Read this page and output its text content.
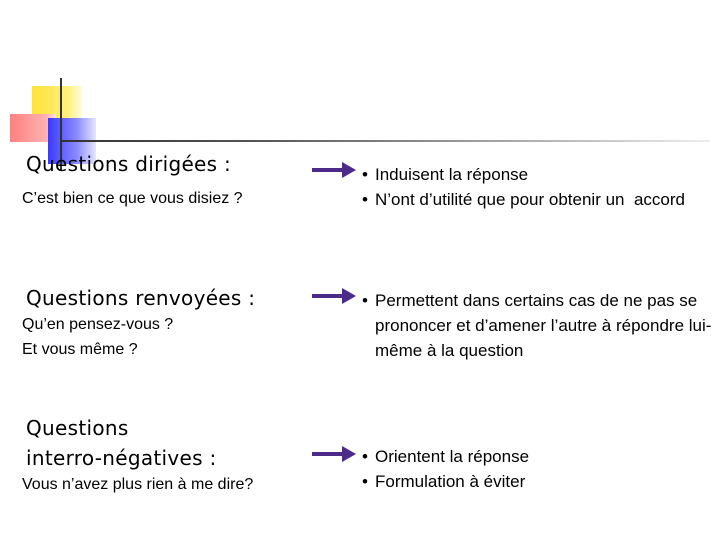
Questions dirigées :
C’est bien ce que vous disiez ?
• Induisent la réponse
• N’ont d’utilité que pour obtenir un  accord
Questions renvoyées :
Qu’en pensez-vous ?
Et vous même ?
• Permettent dans certains cas de ne pas se prononcer et d’amener l’autre à répondre lui-même à la question
Questions
interro-négatives :
Vous n’avez plus rien à me dire?
• Orientent la réponse
• Formulation à éviter
